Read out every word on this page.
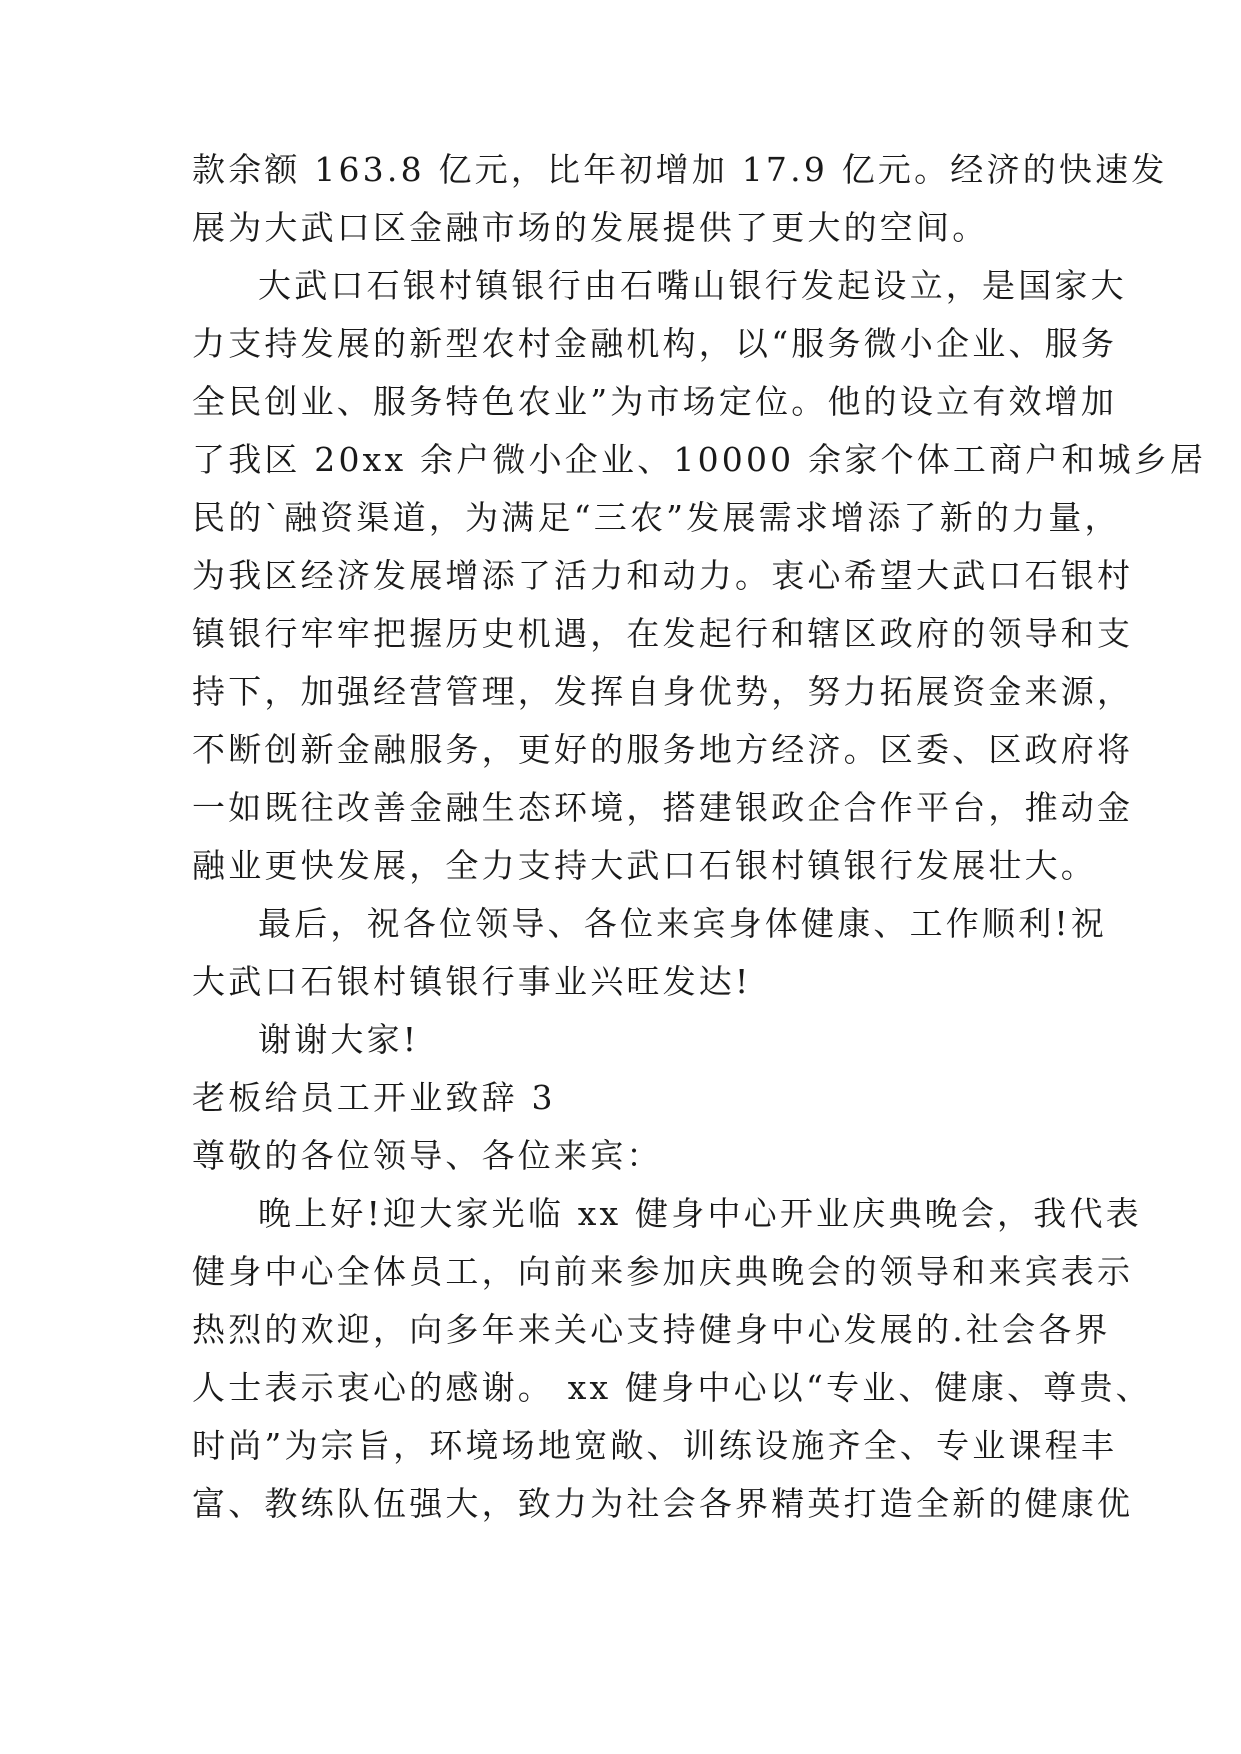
款余额 163.8 亿元，比年初增加 17.9 亿元。经济的快速发
展为大武口区金融市场的发展提供了更大的空间。
大武口石银村镇银行由石嘴山银行发起设立，是国家大
力支持发展的新型农村金融机构，以“服务微小企业、服务
全民创业、服务特色农业”为市场定位。他的设立有效增加
了我区 20xx 余户微小企业、10000 余家个体工商户和城乡居
民的`融资渠道，为满足“三农”发展需求增添了新的力量，
为我区经济发展增添了活力和动力。衷心希望大武口石银村
镇银行牢牢把握历史机遇，在发起行和辖区政府的领导和支
持下，加强经营管理，发挥自身优势，努力拓展资金来源，
不断创新金融服务，更好的服务地方经济。区委、区政府将
一如既往改善金融生态环境，搭建银政企合作平台，推动金
融业更快发展，全力支持大武口石银村镇银行发展壮大。
最后，祝各位领导、各位来宾身体健康、工作顺利!祝
大武口石银村镇银行事业兴旺发达!
谢谢大家!
老板给员工开业致辞 3
尊敬的各位领导、各位来宾：
晚上好!迎大家光临 xx 健身中心开业庆典晚会，我代表
健身中心全体员工，向前来参加庆典晚会的领导和来宾表示
热烈的欢迎，向多年来关心支持健身中心发展的.社会各界
人士表示衷心的感谢。 xx 健身中心以“专业、健康、尊贵、
时尚”为宗旨，环境场地宽敞、训练设施齐全、专业课程丰
富、教练队伍强大，致力为社会各界精英打造全新的健康优
